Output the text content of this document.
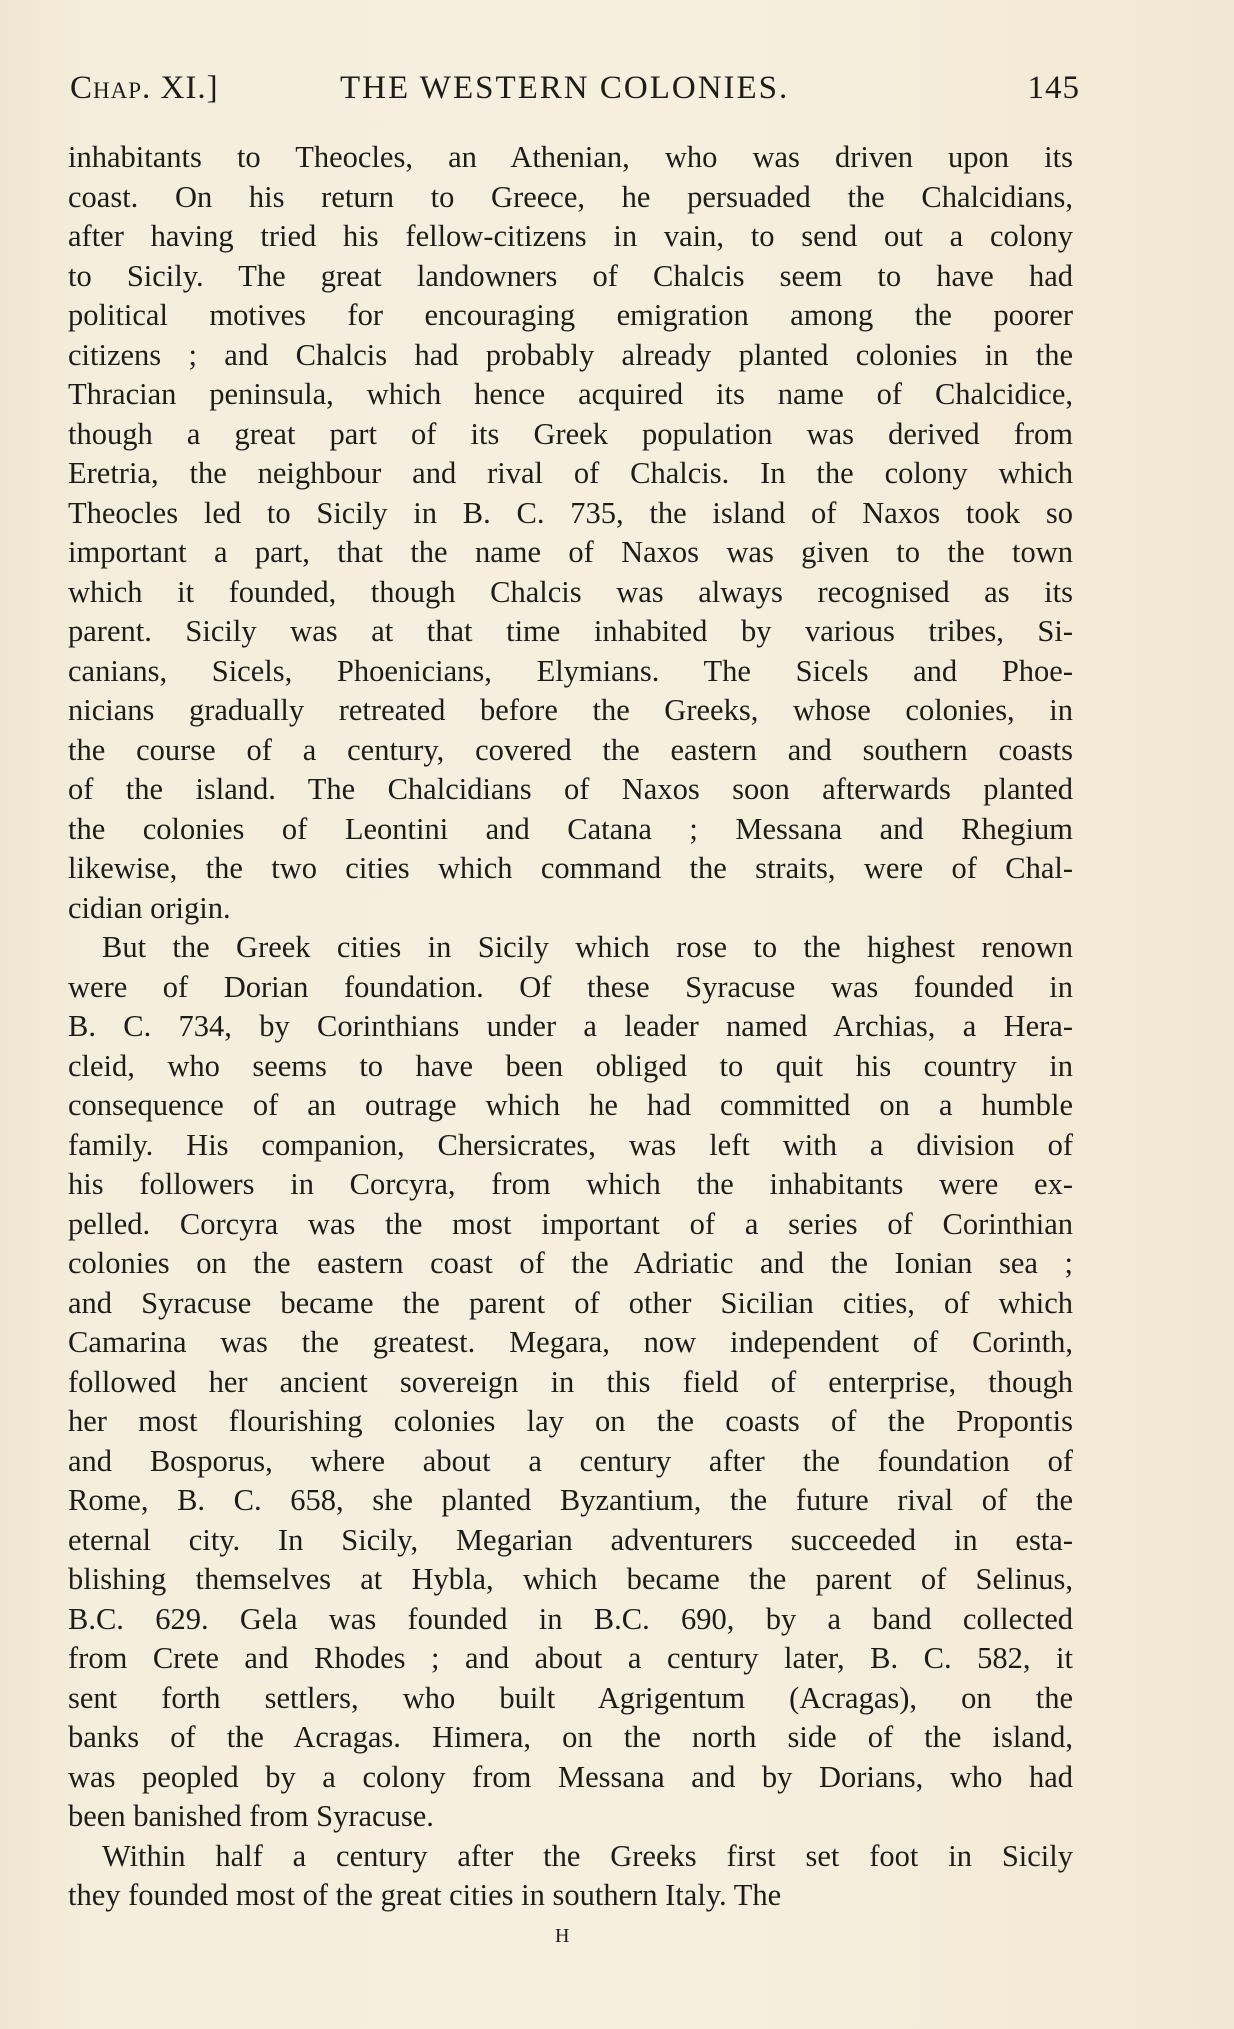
Chap. XI.]	THE WESTERN COLONIES.	145
inhabitants to Theocles, an Athenian, who was driven upon its
coast. On his return to Greece, he persuaded the Chalcidians,
after having tried his fellow-citizens in vain, to send out a colony
to Sicily. The great landowners of Chalcis seem to have had
political motives for encouraging emigration among the poorer
citizens ; and Chalcis had probably already planted colonies in the
Thracian peninsula, which hence acquired its name of Chalcidice,
though a great part of its Greek population was derived from
Eretria, the neighbour and rival of Chalcis. In the colony which
Theocles led to Sicily in B. C. 735, the island of Naxos took so
important a part, that the name of Naxos was given to the town
which it founded, though Chalcis was always recognised as its
parent. Sicily was at that time inhabited by various tribes, Si-
canians, Sicels, Phoenicians, Elymians. The Sicels and Phoe-
nicians gradually retreated before the Greeks, whose colonies, in
the course of a century, covered the eastern and southern coasts
of the island. The Chalcidians of Naxos soon afterwards planted
the colonies of Leontini and Catana ; Messana and Rhegium
likewise, the two cities which command the straits, were of Chal-
cidian origin.
But the Greek cities in Sicily which rose to the highest renown
were of Dorian foundation. Of these Syracuse was founded in
B. C. 734, by Corinthians under a leader named Archias, a Hera-
cleid, who seems to have been obliged to quit his country in
consequence of an outrage which he had committed on a humble
family. His companion, Chersicrates, was left with a division of
his followers in Corcyra, from which the inhabitants were ex-
pelled. Corcyra was the most important of a series of Corinthian
colonies on the eastern coast of the Adriatic and the Ionian sea ;
and Syracuse became the parent of other Sicilian cities, of which
Camarina was the greatest. Megara, now independent of Corinth,
followed her ancient sovereign in this field of enterprise, though
her most flourishing colonies lay on the coasts of the Propontis
and Bosporus, where about a century after the foundation of
Rome, B. C. 658, she planted Byzantium, the future rival of the
eternal city. In Sicily, Megarian adventurers succeeded in esta-
blishing themselves at Hybla, which became the parent of Selinus,
B.C. 629. Gela was founded in B.C. 690, by a band collected
from Crete and Rhodes ; and about a century later, B. C. 582, it
sent forth settlers, who built Agrigentum (Acragas), on the
banks of the Acragas. Himera, on the north side of the island,
was peopled by a colony from Messana and by Dorians, who had
been banished from Syracuse.
Within half a century after the Greeks first set foot in Sicily
they founded most of the great cities in southern Italy. The
H
